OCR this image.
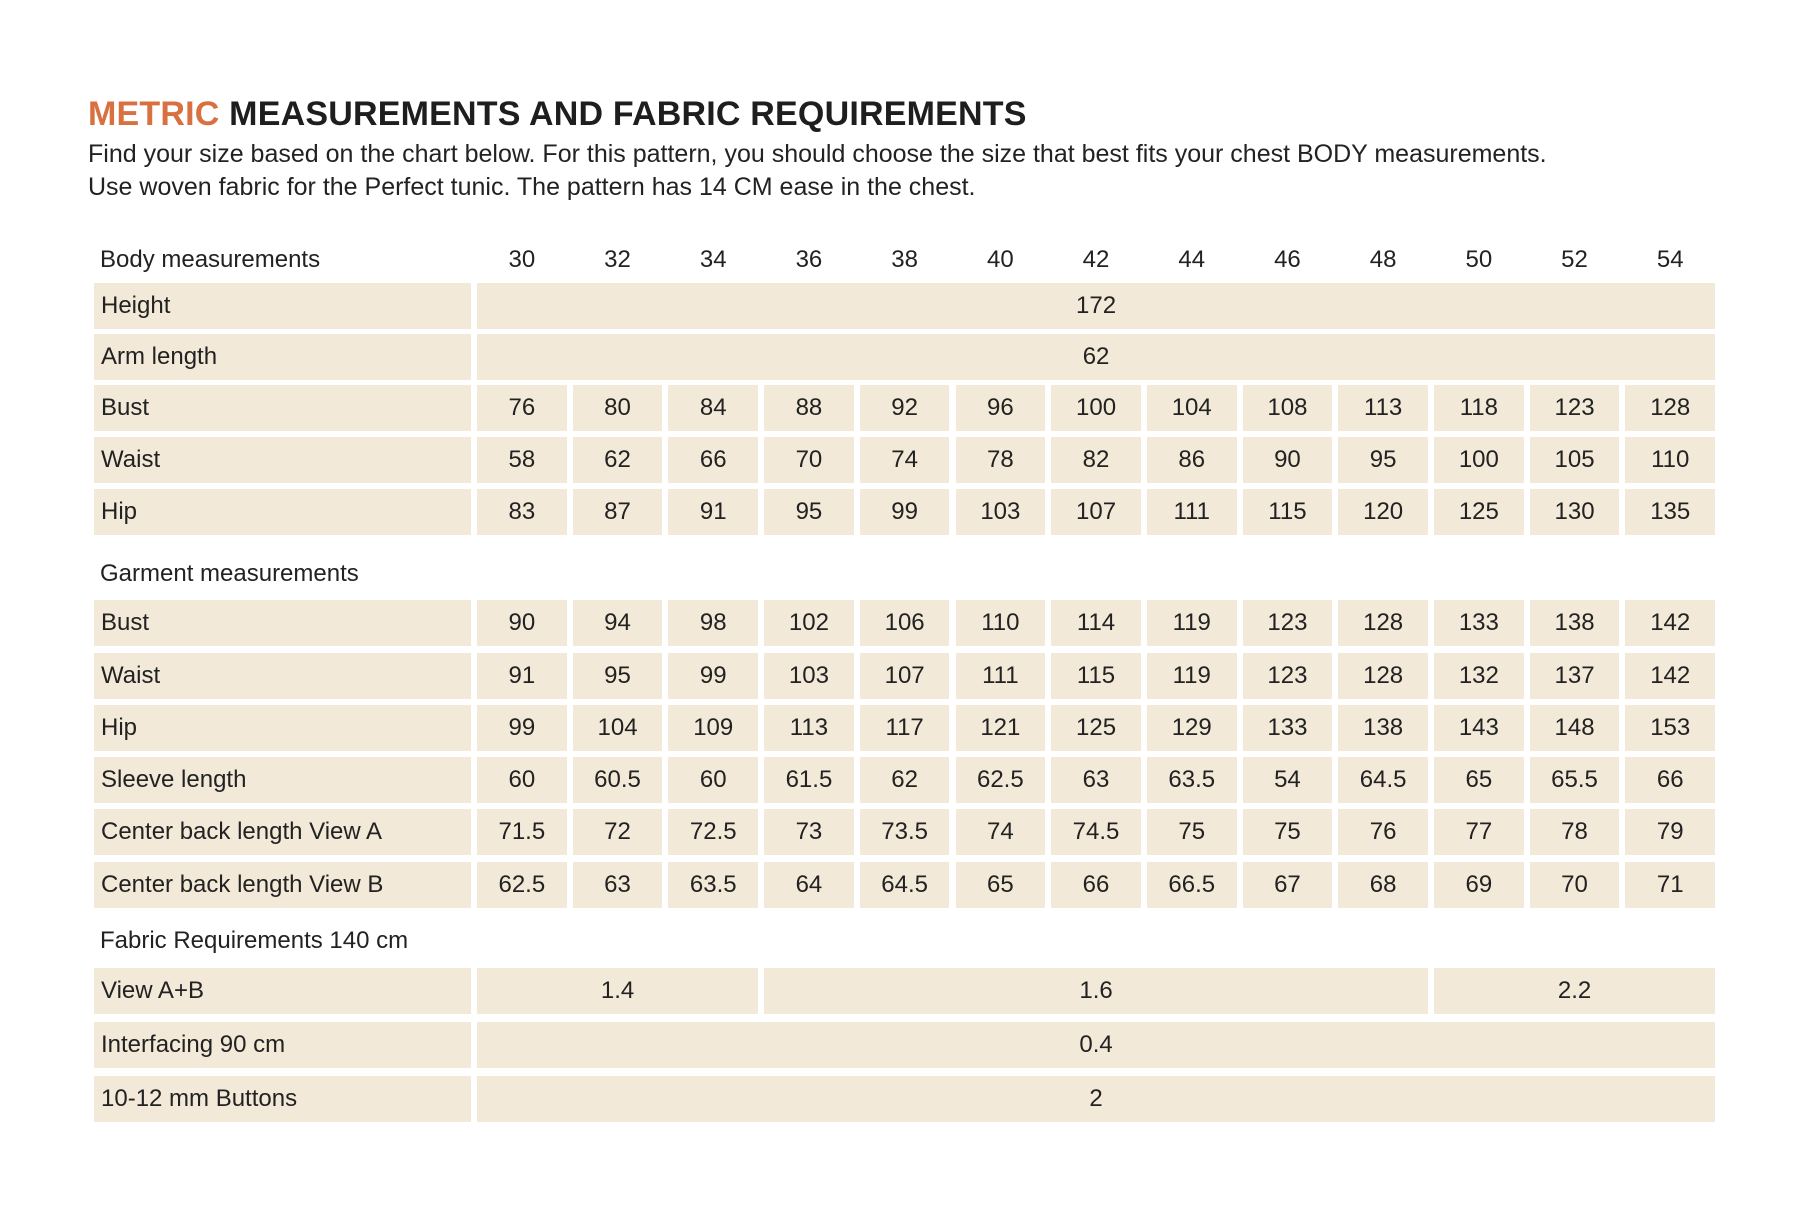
METRIC MEASUREMENTS AND FABRIC REQUIREMENTS
Find your size based on the chart below. For this pattern, you should choose the size that best fits your chest BODY measurements.
Use woven fabric for the Perfect tunic. The pattern has 14 CM ease in the chest.
Body measurements	30	32	34	36	38	40	42	44	46	48	50	52	54
Height	172
Arm length	62
Bust	76	80	84	88	92	96	100	104	108	113	118	123	128
Waist	58	62	66	70	74	78	82	86	90	95	100	105	110
Hip	83	87	91	95	99	103	107	111	115	120	125	130	135
Garment measurements
Bust	90	94	98	102	106	110	114	119	123	128	133	138	142
Waist	91	95	99	103	107	111	115	119	123	128	132	137	142
Hip	99	104	109	113	117	121	125	129	133	138	143	148	153
Sleeve length	60	60.5	60	61.5	62	62.5	63	63.5	54	64.5	65	65.5	66
Center back length View A	71.5	72	72.5	73	73.5	74	74.5	75	75	76	77	78	79
Center back length View B	62.5	63	63.5	64	64.5	65	66	66.5	67	68	69	70	71
Fabric Requirements 140 cm
View A+B	1.4	1.6	2.2
Interfacing 90 cm	0.4
10-12 mm Buttons	2
